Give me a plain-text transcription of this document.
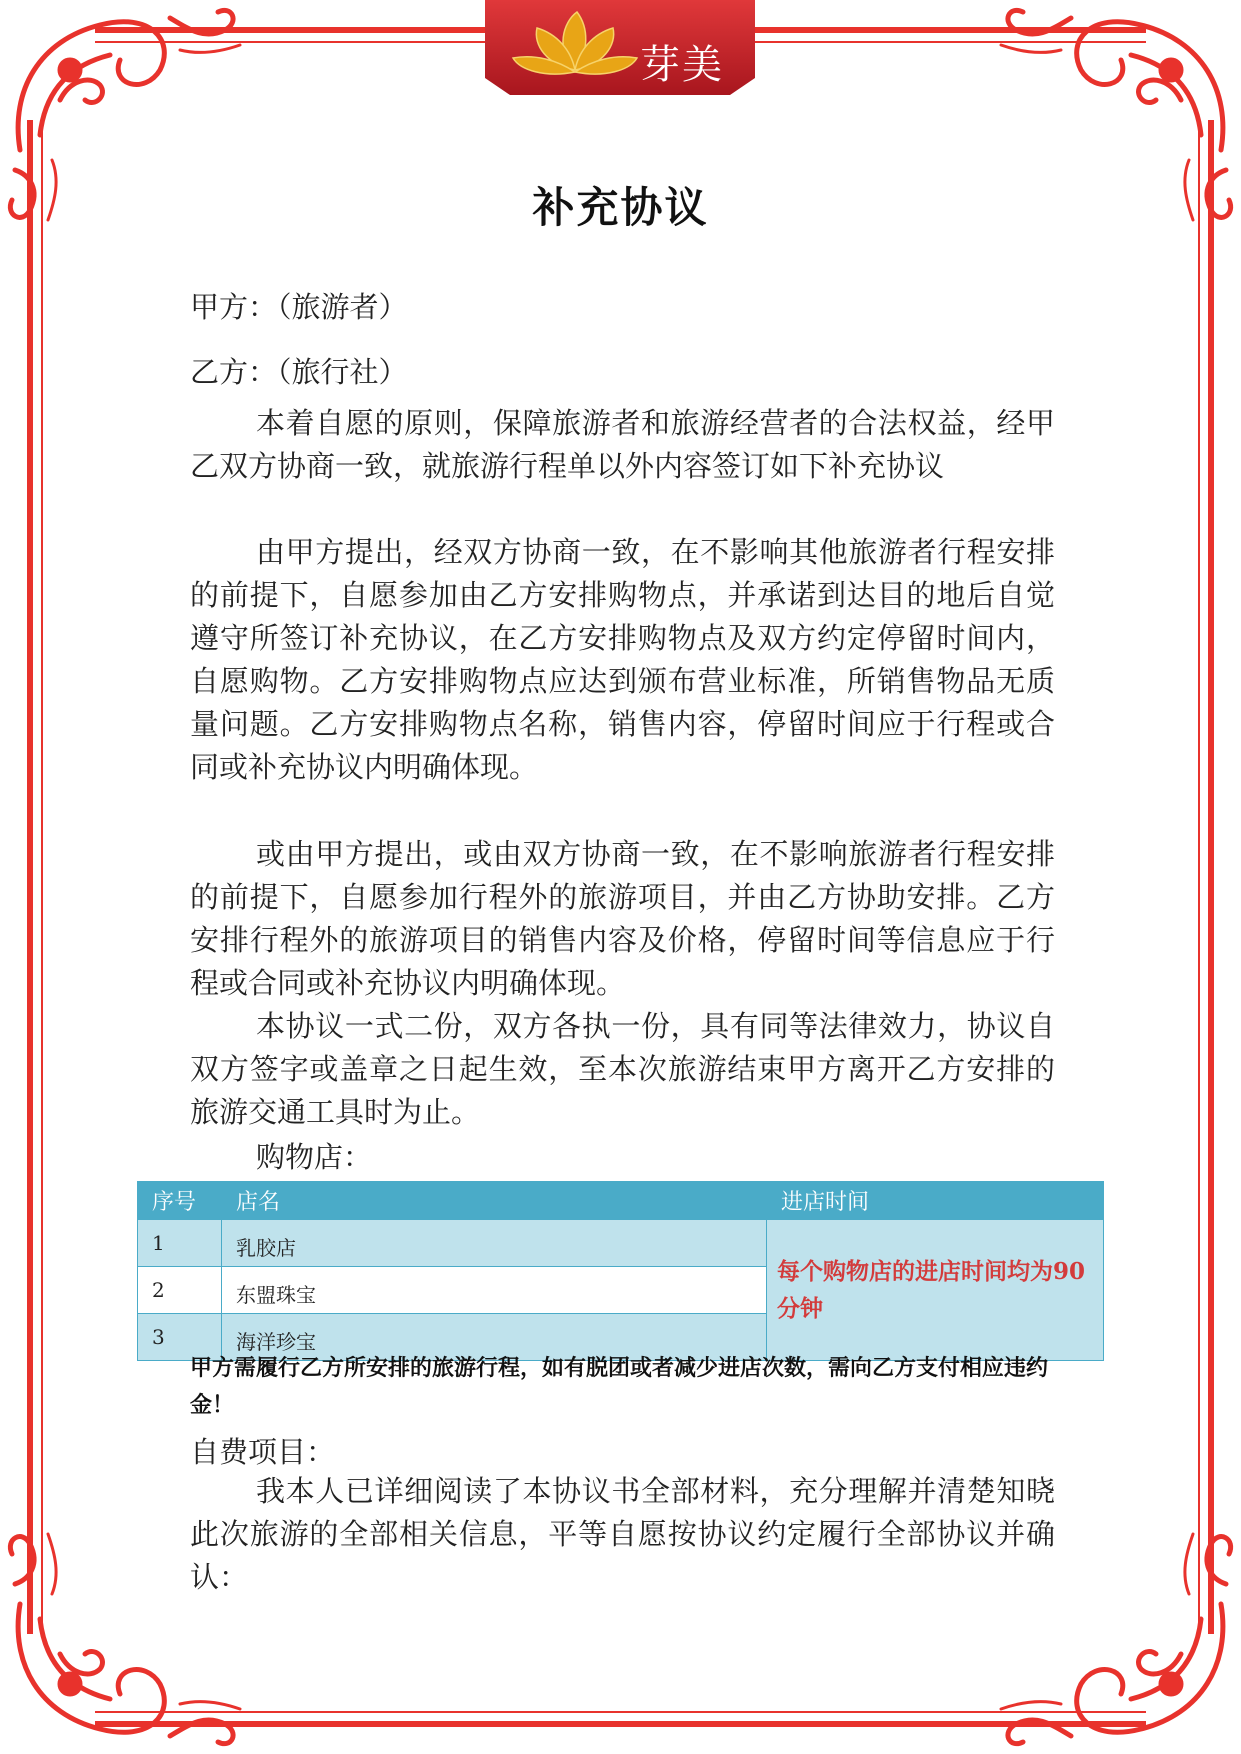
芽美
补充协议
甲方：（旅游者）
乙方：（旅行社）

本着自愿的原则，保障旅游者和旅游经营者的合法权益，经甲乙双方协商一致，就旅游行程单以外内容签订如下补充协议

由甲方提出，经双方协商一致，在不影响其他旅游者行程安排的前提下，自愿参加由乙方安排购物点，并承诺到达目的地后自觉遵守所签订补充协议，在乙方安排购物点及双方约定停留时间内，自愿购物。乙方安排购物点应达到颁布营业标准，所销售物品无质量问题。乙方安排购物点名称，销售内容，停留时间应于行程或合同或补充协议内明确体现。

或由甲方提出，或由双方协商一致，在不影响旅游者行程安排的前提下，自愿参加行程外的旅游项目，并由乙方协助安排。乙方安排行程外的旅游项目的销售内容及价格，停留时间等信息应于行程或合同或补充协议内明确体现。

本协议一式二份，双方各执一份，具有同等法律效力，协议自双方签字或盖章之日起生效，至本次旅游结束甲方离开乙方安排的旅游交通工具时为止。

购物店：
序号	店名	进店时间
1	乳胶店	每个购物店的进店时间均为90分钟
2	东盟珠宝	
3	海洋珍宝	

甲方需履行乙方所安排的旅游行程，如有脱团或者减少进店次数，需向乙方支付相应违约金！

自费项目：

我本人已详细阅读了本协议书全部材料，充分理解并清楚知晓此次旅游的全部相关信息，平等自愿按协议约定履行全部协议并确认：
